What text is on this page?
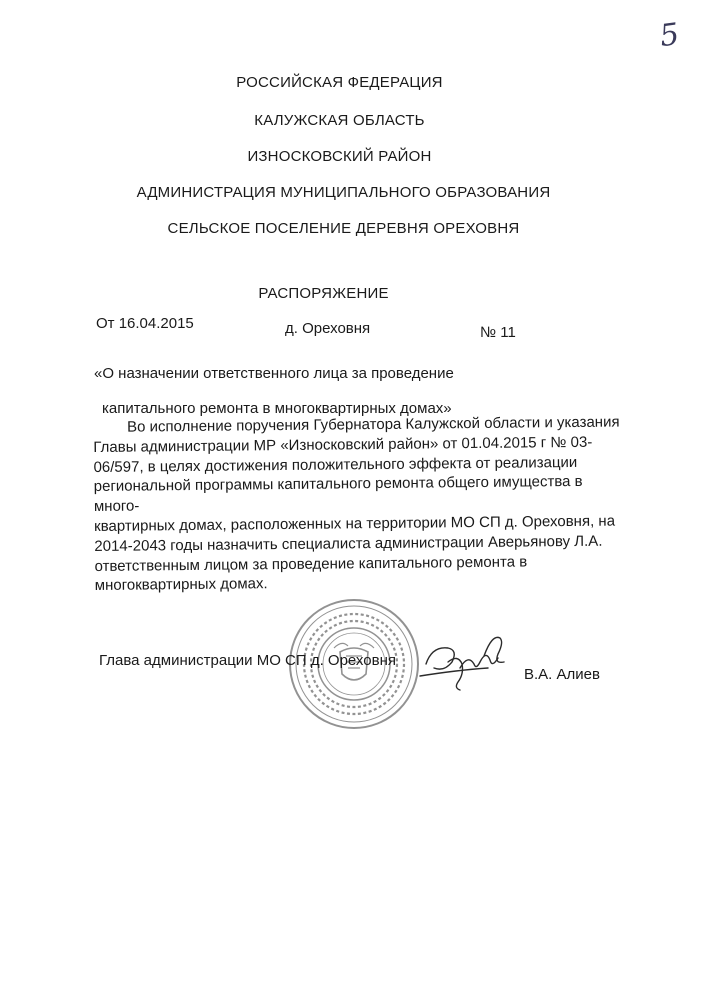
5
РОССИЙСКАЯ ФЕДЕРАЦИЯ
КАЛУЖСКАЯ ОБЛАСТЬ
ИЗНОСКОВСКИЙ РАЙОН
АДМИНИСТРАЦИЯ МУНИЦИПАЛЬНОГО ОБРАЗОВАНИЯ
СЕЛЬСКОЕ ПОСЕЛЕНИЕ ДЕРЕВНЯ ОРЕХОВНЯ
РАСПОРЯЖЕНИЕ
От 16.04.2015	д. Ореховня	№ 11
«О назначении ответственного лица за проведение
капитального ремонта в многоквартирных домах»
Во исполнение поручения Губернатора Калужской области и указания
Главы администрации МР «Износковский район» от 01.04.2015 г № 03-
06/597, в целях достижения положительного эффекта от реализации
региональной программы капитального ремонта общего имущества в много-
квартирных домах, расположенных на территории МО СП д. Ореховня, на
2014-2043 годы назначить специалиста администрации Аверьянову Л.А.
ответственным лицом за проведение капитального ремонта в
многоквартирных домах.
Глава администрации МО СП д. Ореховня
В.А. Алиев
